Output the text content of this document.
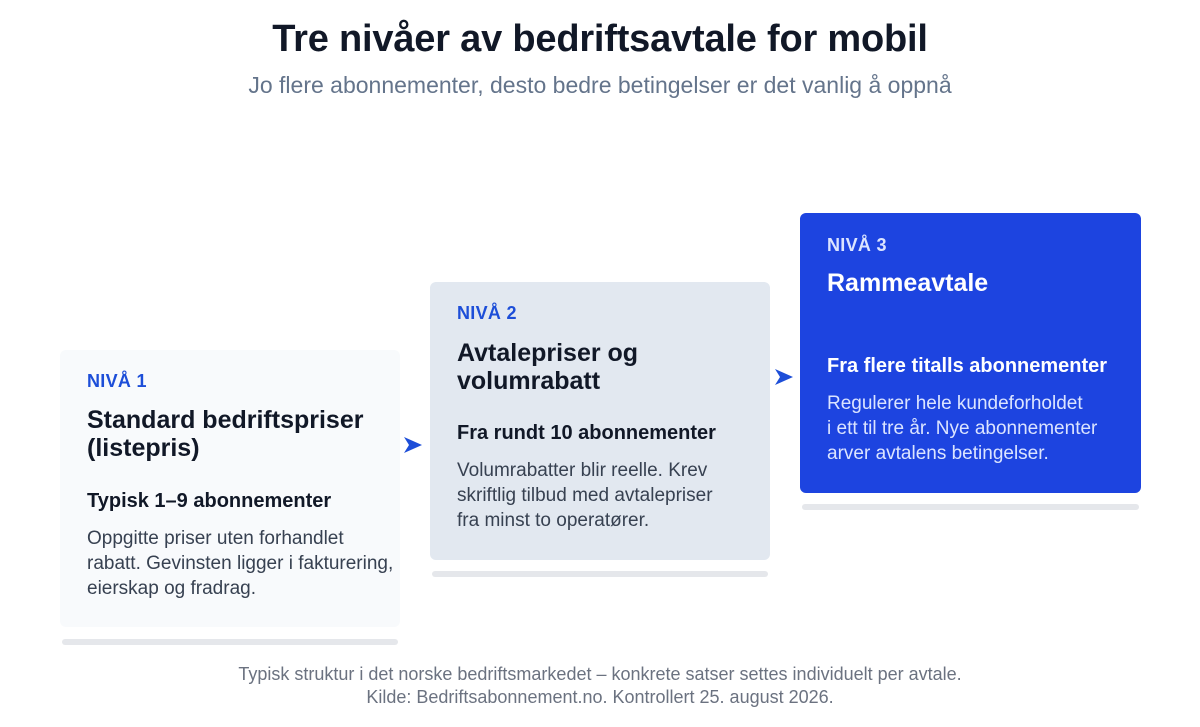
Tre nivåer av bedriftsavtale for mobil
Jo flere abonnementer, desto bedre betingelser er det vanlig å oppnå
NIVÅ 1
Standard bedriftspriser
(listepris)
Typisk 1–9 abonnementer
Oppgitte priser uten forhandlet
rabatt. Gevinsten ligger i fakturering,
eierskap og fradrag.
NIVÅ 2
Avtalepriser og
volumrabatt
Fra rundt 10 abonnementer
Volumrabatter blir reelle. Krev
skriftlig tilbud med avtalepriser
fra minst to operatører.
NIVÅ 3
Rammeavtale
Fra flere titalls abonnementer
Regulerer hele kundeforholdet
i ett til tre år. Nye abonnementer
arver avtalens betingelser.
Typisk struktur i det norske bedriftsmarkedet – konkrete satser settes individuelt per avtale.
Kilde: Bedriftsabonnement.no. Kontrollert 25. august 2026.
